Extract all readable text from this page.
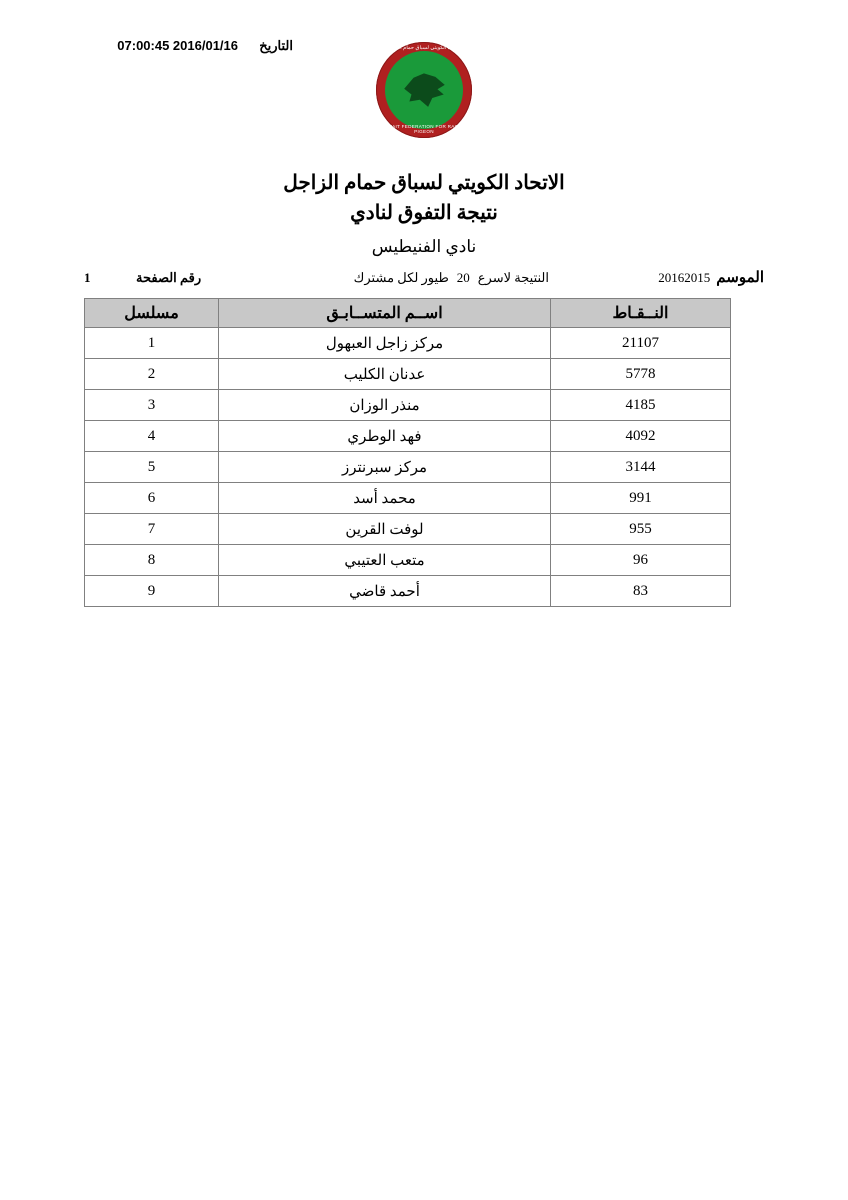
التاريخ
07:00:45 2016/01/16	الاتحاد الكويتي لسباق حمام الزاجل
KUWAIT FEDERATION FOR RACING PIGEON
الاتحاد الكويتي لسباق حمام الزاجل
نتيجة التفوق لنادي
نادي الفنيطيس
الموسم20162015
النتيجة لاسرع20طيور لكل مشترك
رقم الصفحة
1
النــقـاط	اســم المتســابـق	مسلسل
21107	مركز زاجل العبهول	1
5778	عدنان الكليب	2
4185	منذر الوزان	3
4092	فهد الوطري	4
3144	مركز سبرنترز	5
991	محمد أسد	6
955	لوفت القرين	7
96	متعب العتيبي	8
83	أحمد قاضي	9
